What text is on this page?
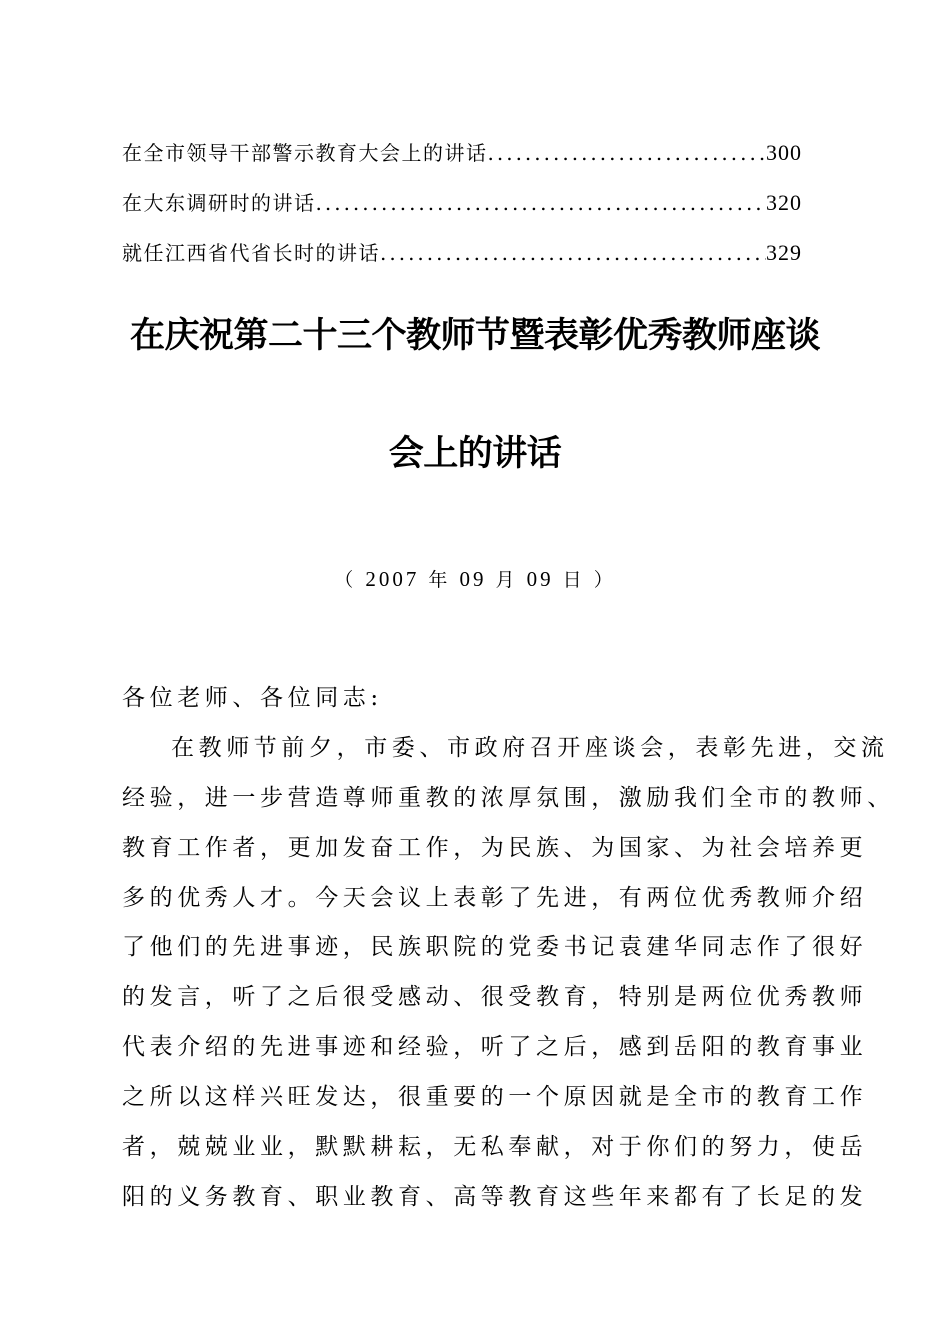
在全市领导干部警示教育大会上的讲话 .....	300
在大东调研时的讲话 .....	320
就任江西省代省长时的讲话 .....	329
在庆祝第二十三个教师节暨表彰优秀教师座谈
会上的讲话
（ 2007 年 09 月 09 日 ）
各位老师、各位同志:
在教师节前夕，市委、市政府召开座谈会，表彰先进，交流
经验，进一步营造尊师重教的浓厚氛围，激励我们全市的教师、
教育工作者，更加发奋工作，为民族、为国家、为社会培养更
多的优秀人才。今天会议上表彰了先进，有两位优秀教师介绍
了他们的先进事迹，民族职院的党委书记袁建华同志作了很好
的发言，听了之后很受感动、很受教育，特别是两位优秀教师
代表介绍的先进事迹和经验，听了之后，感到岳阳的教育事业
之所以这样兴旺发达，很重要的一个原因就是全市的教育工作
者，兢兢业业，默默耕耘，无私奉献，对于你们的努力，使岳
阳的义务教育、职业教育、高等教育这些年来都有了长足的发
